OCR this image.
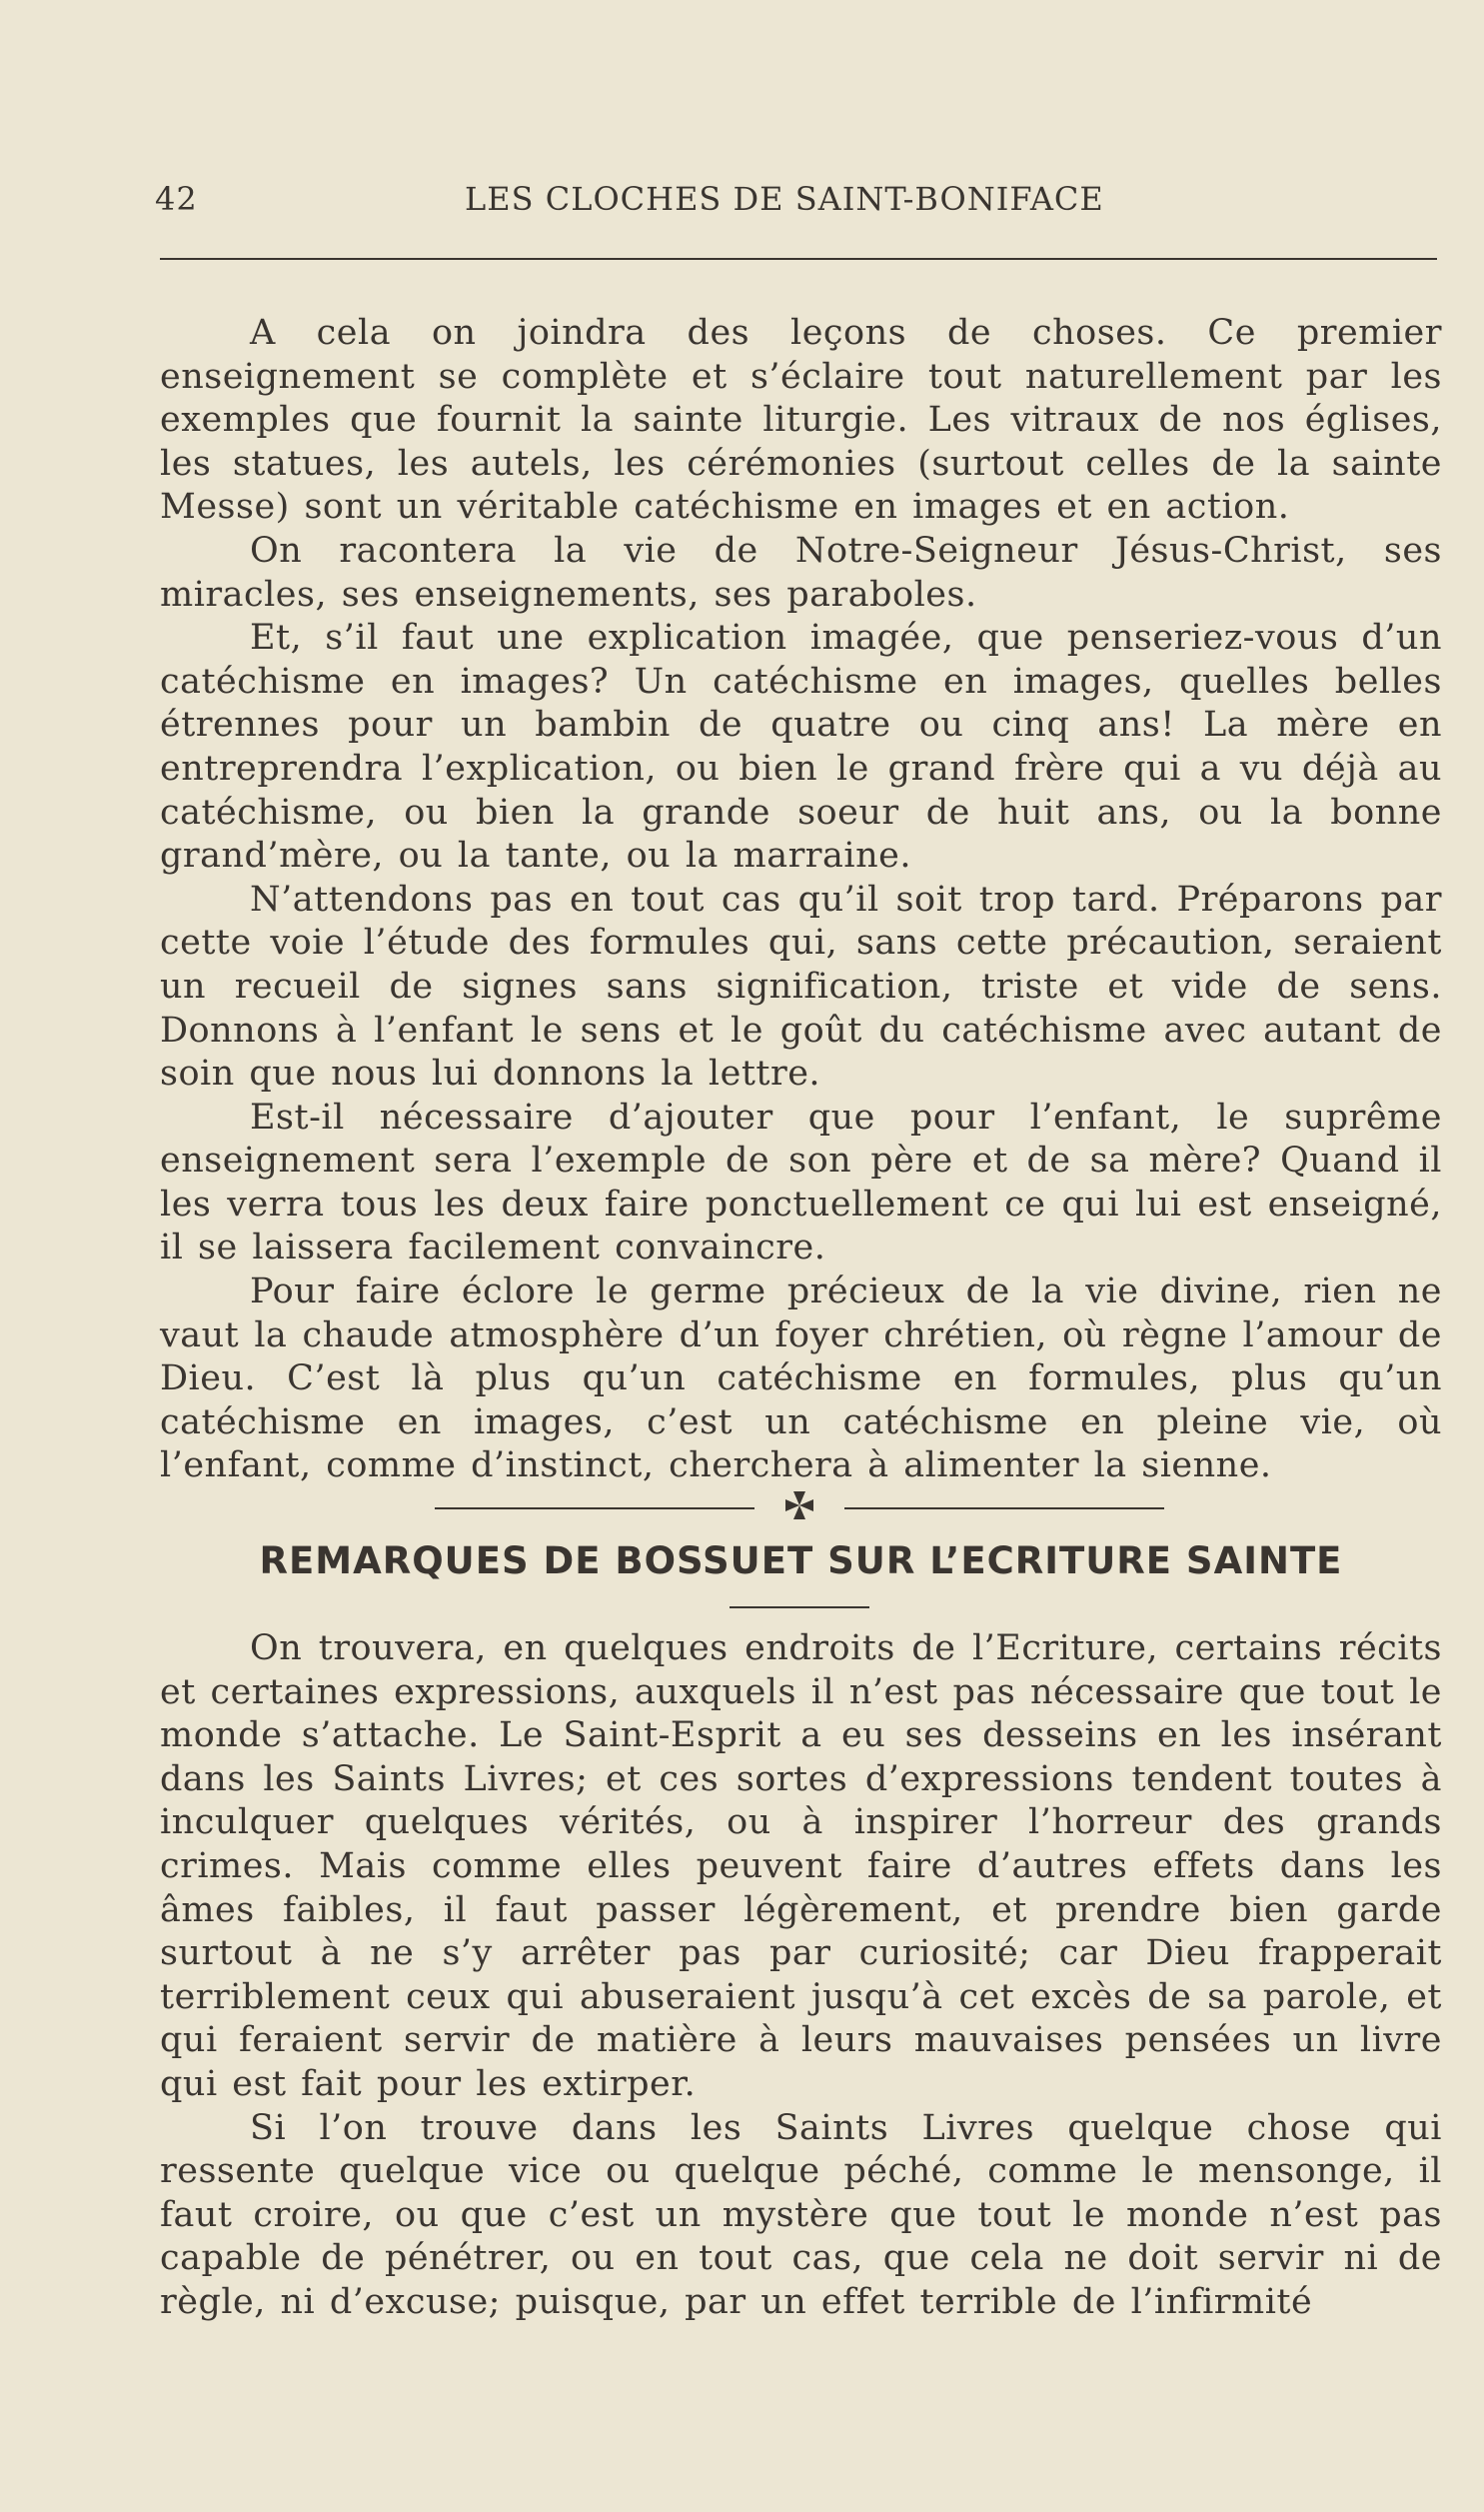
42	LES CLOCHES DE SAINT-BONIFACE

A cela on joindra des leçons de choses. Ce premier enseignement se complète et s’éclaire tout naturellement par les exemples que fournit la sainte liturgie. Les vitraux de nos églises, les statues, les autels, les cérémonies (surtout celles de la sainte Messe) sont un véritable catéchisme en images et en action.

On racontera la vie de Notre-Seigneur Jésus-Christ, ses miracles, ses enseignements, ses paraboles.

Et, s’il faut une explication imagée, que penseriez-vous d’un catéchisme en images? Un catéchisme en images, quelles belles étrennes pour un bambin de quatre ou cinq ans! La mère en entreprendra l’explication, ou bien le grand frère qui a vu déjà au catéchisme, ou bien la grande soeur de huit ans, ou la bonne grand’mère, ou la tante, ou la marraine.

N’attendons pas en tout cas qu’il soit trop tard. Préparons par cette voie l’étude des formules qui, sans cette précaution, seraient un recueil de signes sans signification, triste et vide de sens. Donnons à l’enfant le sens et le goût du catéchisme avec autant de soin que nous lui donnons la lettre.

Est-il nécessaire d’ajouter que pour l’enfant, le suprême enseignement sera l’exemple de son père et de sa mère? Quand il les verra tous les deux faire ponctuellement ce qui lui est enseigné, il se laissera facilement convaincre.

Pour faire éclore le germe précieux de la vie divine, rien ne vaut la chaude atmosphère d’un foyer chrétien, où règne l’amour de Dieu. C’est là plus qu’un catéchisme en formules, plus qu’un catéchisme en images, c’est un catéchisme en pleine vie, où l’enfant, comme d’instinct, cherchera à alimenter la sienne.

REMARQUES DE BOSSUET SUR L’ECRITURE SAINTE

On trouvera, en quelques endroits de l’Ecriture, certains récits et certaines expressions, auxquels il n’est pas nécessaire que tout le monde s’attache. Le Saint-Esprit a eu ses desseins en les insérant dans les Saints Livres; et ces sortes d’expressions tendent toutes à inculquer quelques vérités, ou à inspirer l’horreur des grands crimes. Mais comme elles peuvent faire d’autres effets dans les âmes faibles, il faut passer légèrement, et prendre bien garde surtout à ne s’y arrêter pas par curiosité; car Dieu frapperait terriblement ceux qui abuseraient jusqu’à cet excès de sa parole, et qui feraient servir de matière à leurs mauvaises pensées un livre qui est fait pour les extirper.

Si l’on trouve dans les Saints Livres quelque chose qui ressente quelque vice ou quelque péché, comme le mensonge, il faut croire, ou que c’est un mystère que tout le monde n’est pas capable de pénétrer, ou en tout cas, que cela ne doit servir ni de règle, ni d’excuse; puisque, par un effet terrible de l’infirmité
